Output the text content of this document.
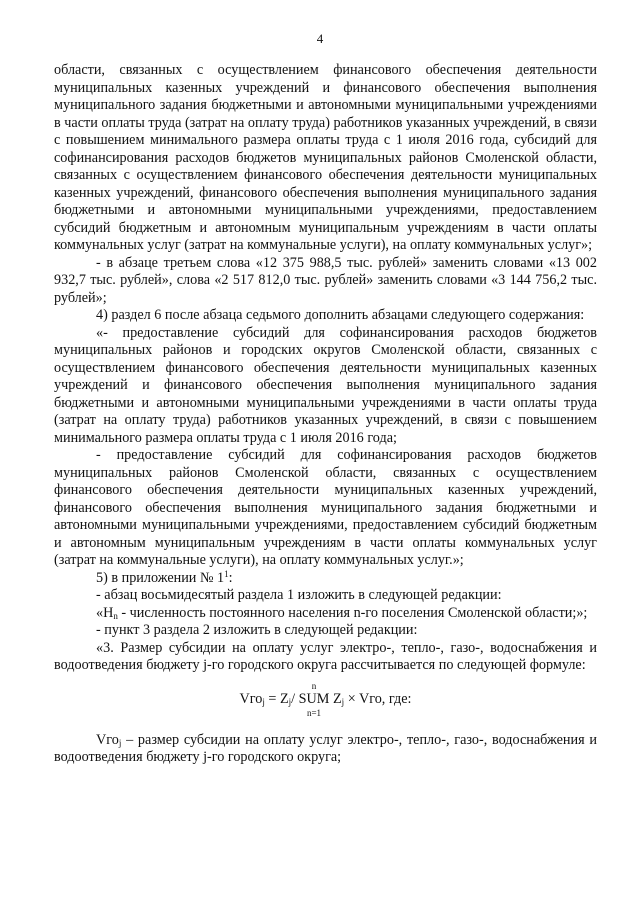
4

области, связанных с осуществлением финансового обеспечения деятельности муниципальных казенных учреждений и финансового обеспечения выполнения муниципального задания бюджетными и автономными муниципальными учреждениями в части оплаты труда (затрат на оплату труда) работников указанных учреждений, в связи с повышением минимального размера оплаты труда с 1 июля 2016 года, субсидий для софинансирования расходов бюджетов муниципальных районов Смоленской области, связанных с осуществлением финансового обеспечения деятельности муниципальных казенных учреждений, финансового обеспечения выполнения муниципального задания бюджетными и автономными муниципальными учреждениями, предоставлением субсидий бюджетным и автономным муниципальным учреждениям в части оплаты коммунальных услуг (затрат на коммунальные услуги), на оплату коммунальных услуг»;

- в абзаце третьем слова «12 375 988,5 тыс. рублей» заменить словами «13 002 932,7 тыс. рублей», слова «2 517 812,0 тыс. рублей» заменить словами «3 144 756,2 тыс. рублей»;

4) раздел 6 после абзаца седьмого дополнить абзацами следующего содержания:

«- предоставление субсидий для софинансирования расходов бюджетов муниципальных районов и городских округов Смоленской области, связанных с осуществлением финансового обеспечения деятельности муниципальных казенных учреждений и финансового обеспечения выполнения муниципального задания бюджетными и автономными муниципальными учреждениями в части оплаты труда (затрат на оплату труда) работников указанных учреждений, в связи с повышением минимального размера оплаты труда с 1 июля 2016 года;

- предоставление субсидий для софинансирования расходов бюджетов муниципальных районов Смоленской области, связанных с осуществлением финансового обеспечения деятельности муниципальных казенных учреждений, финансового обеспечения выполнения муниципального задания бюджетными и автономными муниципальными учреждениями, предоставлением субсидий бюджетным и автономным муниципальным учреждениям в части оплаты коммунальных услуг (затрат на коммунальные услуги), на оплату коммунальных услуг.»;

5) в приложении № $1^1$:

- абзац восьмидесятый раздела 1 изложить в следующей редакции:

«$Н_n$ - численность постоянного населения n-го поселения Смоленской области;»;

- пункт 3 раздела 2 изложить в следующей редакции:

«3. Размер субсидии на оплату услуг электро-, тепло-, газо-, водоснабжения и водоотведения бюджету j-го городского округа рассчитывается по следующей формуле:

$Vго_j = Z_j/$
n
SUM
n=1
$Z_j$ × Vго, где:

Vго$_j$ – размер субсидии на оплату услуг электро-, тепло-, газо-, водоснабжения и водоотведения бюджету j-го городского округа;
